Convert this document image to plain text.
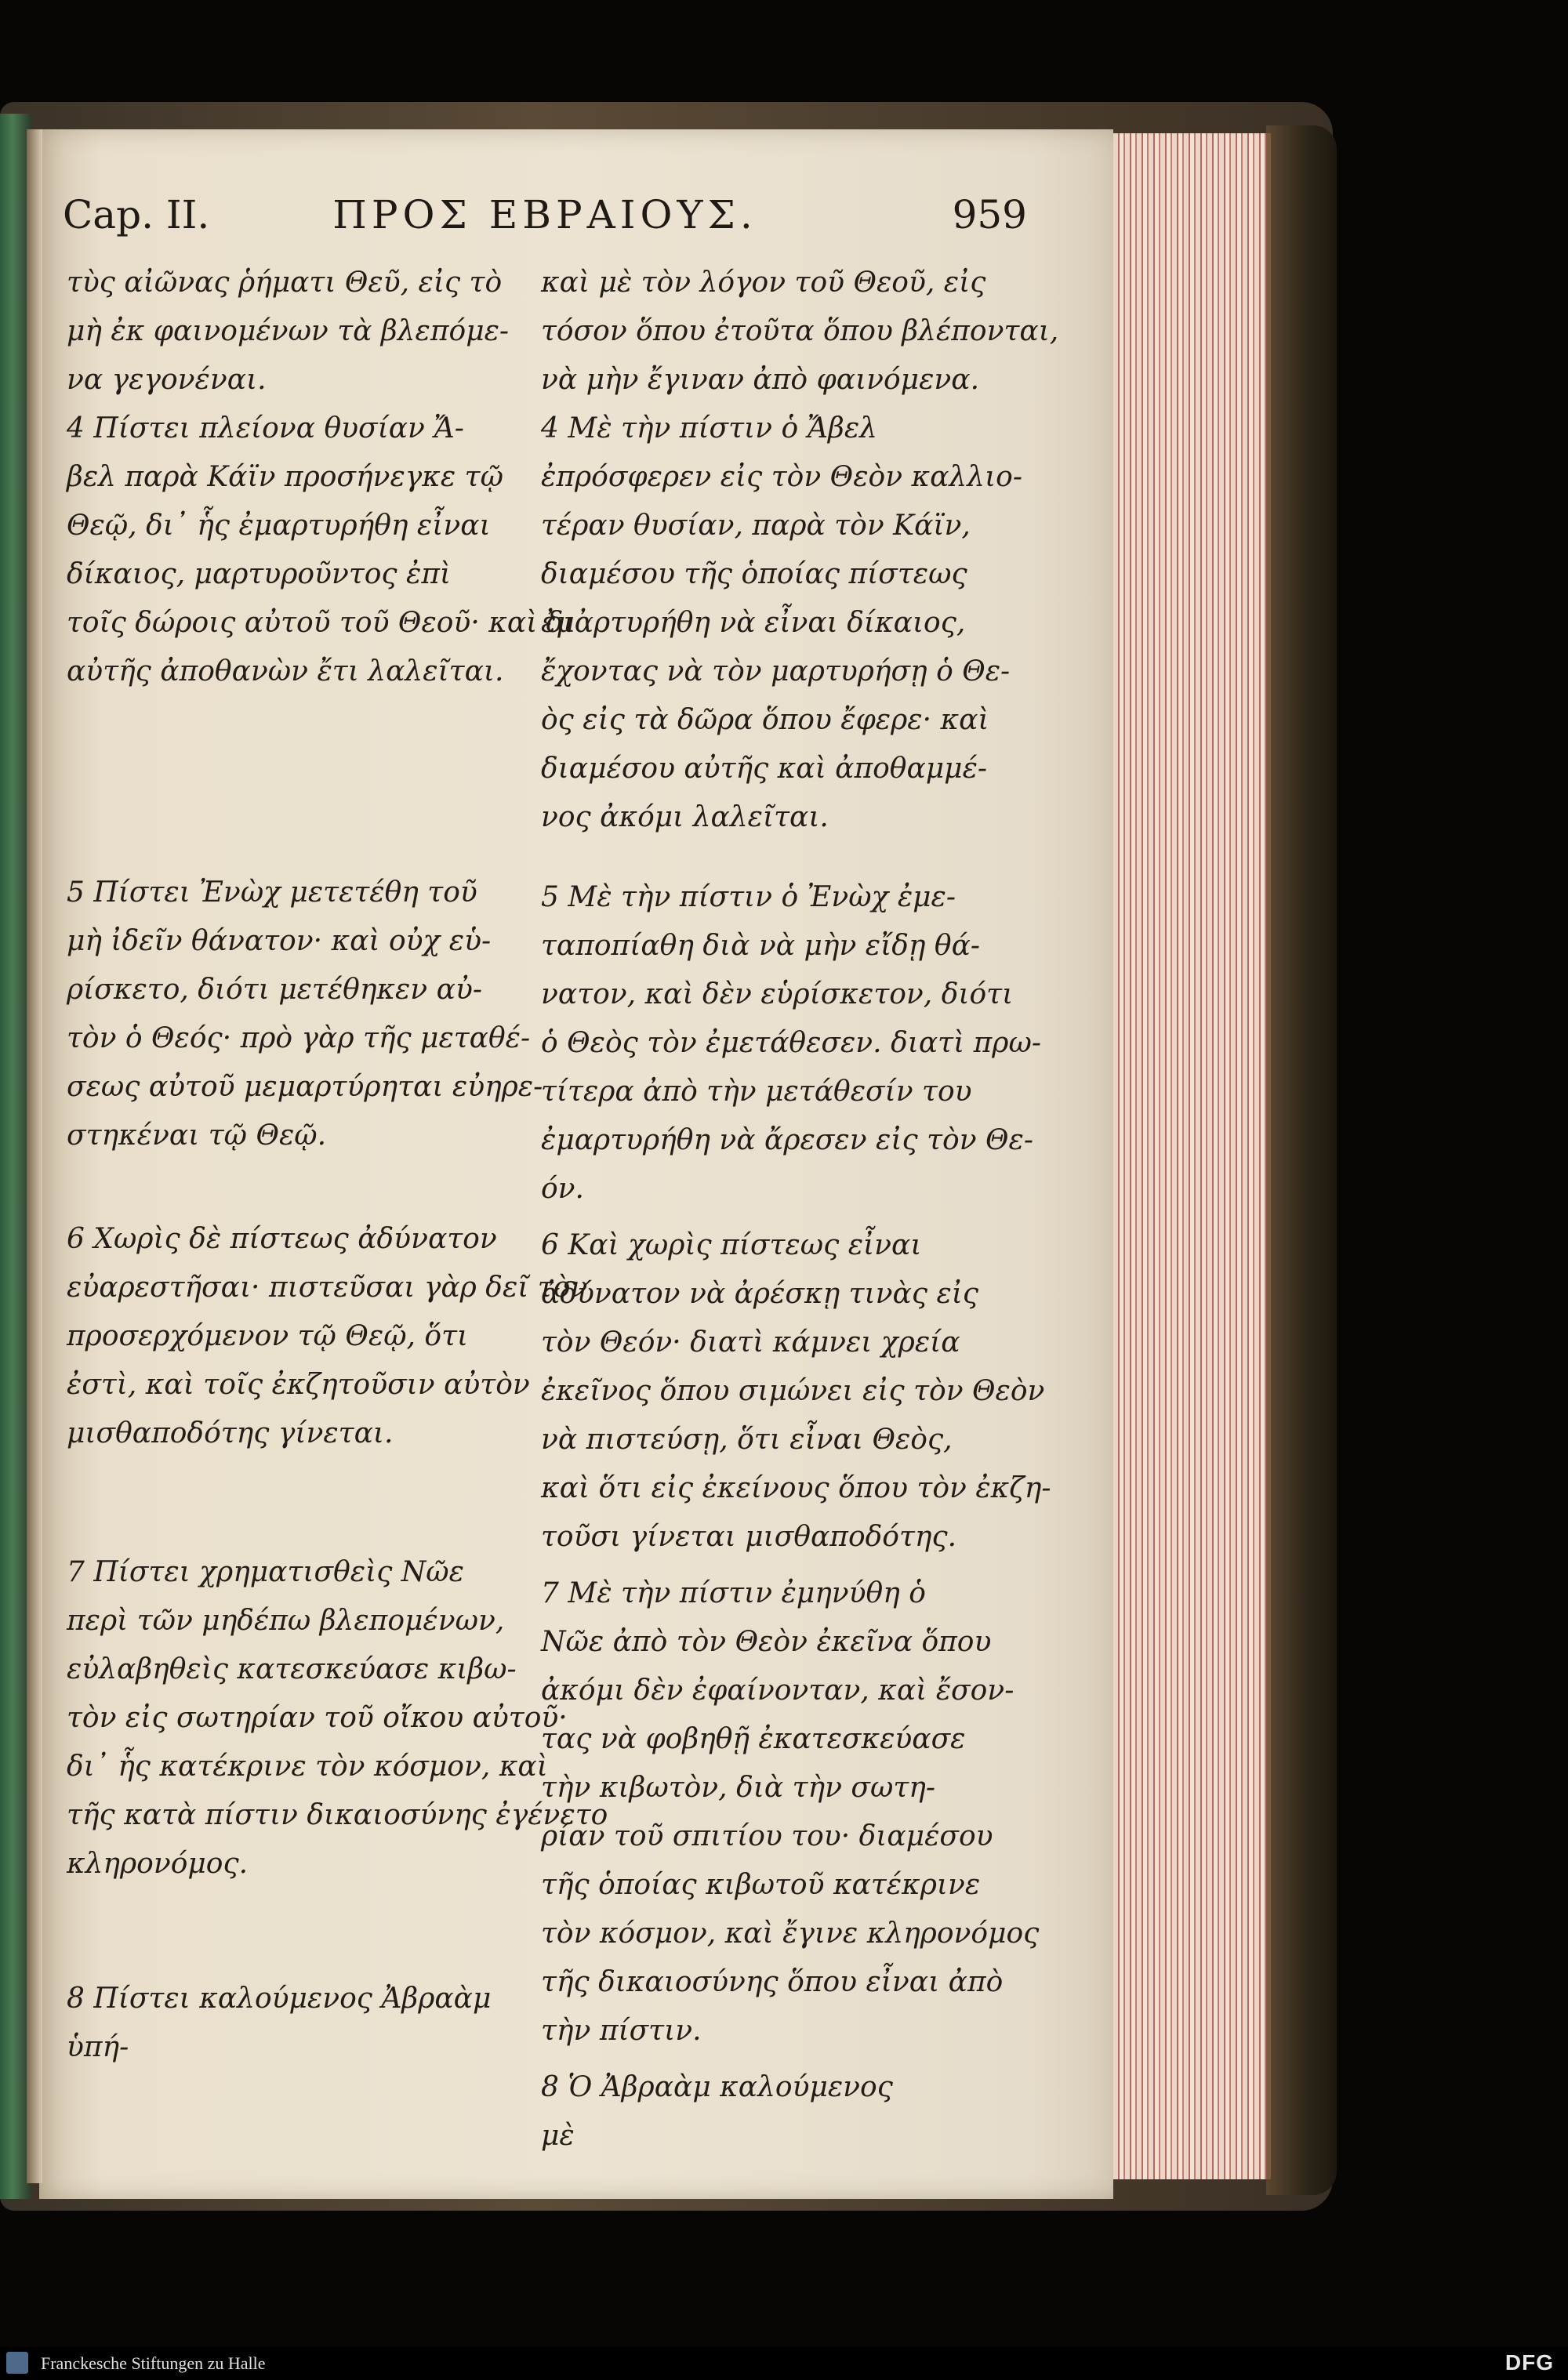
Cap. II.	ΠΡΟΣ ΕΒΡΑΙΟΥΣ.	959

τὺς αἰῶνας ῥήματι Θεῦ, εἰς τὸ
μὴ ἐκ φαινομένων τὰ βλεπόμε-
να γεγονέναι.

4 Πίστει πλείονα θυσίαν Ἄ-
βελ παρὰ Κάϊν προσήνεγκε τῷ
Θεῷ, δι᾽ ἧς ἐμαρτυρήθη εἶναι
δίκαιος, μαρτυροῦντος ἐπὶ
τοῖς δώροις αὐτοῦ τοῦ Θεοῦ· καὶ δι᾽
αὐτῆς ἀποθανὼν ἔτι λαλεῖται.

5 Πίστει Ἐνὼχ μετετέθη τοῦ
μὴ ἰδεῖν θάνατον· καὶ οὐχ εὑ-
ρίσκετο, διότι μετέθηκεν αὐ-
τὸν ὁ Θεός· πρὸ γὰρ τῆς μεταθέ-
σεως αὐτοῦ μεμαρτύρηται εὐηρε-
στηκέναι τῷ Θεῷ.

6 Χωρὶς δὲ πίστεως ἀδύνατον
εὐαρεστῆσαι· πιστεῦσαι γὰρ δεῖ τὸν
προσερχόμενον τῷ Θεῷ, ὅτι
ἐστὶ, καὶ τοῖς ἐκζητοῦσιν αὐτὸν
μισθαποδότης γίνεται.

7 Πίστει χρηματισθεὶς Νῶε
περὶ τῶν μηδέπω βλεπομένων,
εὐλαβηθεὶς κατεσκεύασε κιβω-
τὸν εἰς σωτηρίαν τοῦ οἴκου αὐτοῦ·
δι᾽ ἧς κατέκρινε τὸν κόσμον, καὶ
τῆς κατὰ πίστιν δικαιοσύνης ἐγένετο
κληρονόμος.

8 Πίστει καλούμενος Ἀβραὰμ
ὑπή-

καὶ μὲ τὸν λόγον τοῦ Θεοῦ, εἰς
τόσον ὅπου ἐτοῦτα ὅπου βλέπονται,
νὰ μὴν ἔγιναν ἀπὸ φαινόμενα.

4 Μὲ τὴν πίστιν ὁ Ἄβελ
ἐπρόσφερεν εἰς τὸν Θεὸν καλλιο-
τέραν θυσίαν, παρὰ τὸν Κάϊν,
διαμέσου τῆς ὁποίας πίστεως
ἐμαρτυρήθη νὰ εἶναι δίκαιος,
ἔχοντας νὰ τὸν μαρτυρήσῃ ὁ Θε-
ὸς εἰς τὰ δῶρα ὅπου ἔφερε· καὶ
διαμέσου αὐτῆς καὶ ἀποθαμμέ-
νος ἀκόμι λαλεῖται.

5 Μὲ τὴν πίστιν ὁ Ἐνὼχ ἐμε-
ταποπίαθη διὰ νὰ μὴν εἴδῃ θά-
νατον, καὶ δὲν εὑρίσκετον, διότι
ὁ Θεὸς τὸν ἐμετάθεσεν. διατὶ πρω-
τίτερα ἀπὸ τὴν μετάθεσίν του
ἐμαρτυρήθη νὰ ἄρεσεν εἰς τὸν Θε-
όν.

6 Καὶ χωρὶς πίστεως εἶναι
ἀδύνατον νὰ ἀρέσκῃ τινὰς εἰς
τὸν Θεόν· διατὶ κάμνει χρεία
ἐκεῖνος ὅπου σιμώνει εἰς τὸν Θεὸν
νὰ πιστεύσῃ, ὅτι εἶναι Θεὸς,
καὶ ὅτι εἰς ἐκείνους ὅπου τὸν ἐκζη-
τοῦσι γίνεται μισθαποδότης.

7 Μὲ τὴν πίστιν ἐμηνύθη ὁ
Νῶε ἀπὸ τὸν Θεὸν ἐκεῖνα ὅπου
ἀκόμι δὲν ἐφαίνονταν, καὶ ἔσον-
τας νὰ φοβηθῇ ἐκατεσκεύασε
τὴν κιβωτὸν, διὰ τὴν σωτη-
ρίαν τοῦ σπιτίου του· διαμέσου
τῆς ὁποίας κιβωτοῦ κατέκρινε
τὸν κόσμον, καὶ ἔγινε κληρονόμος
τῆς δικαιοσύνης ὅπου εἶναι ἀπὸ
τὴν πίστιν.

8 Ὁ Ἀβραὰμ καλούμενος
μὲ

Franckesche Stiftungen zu Halle	DFG
